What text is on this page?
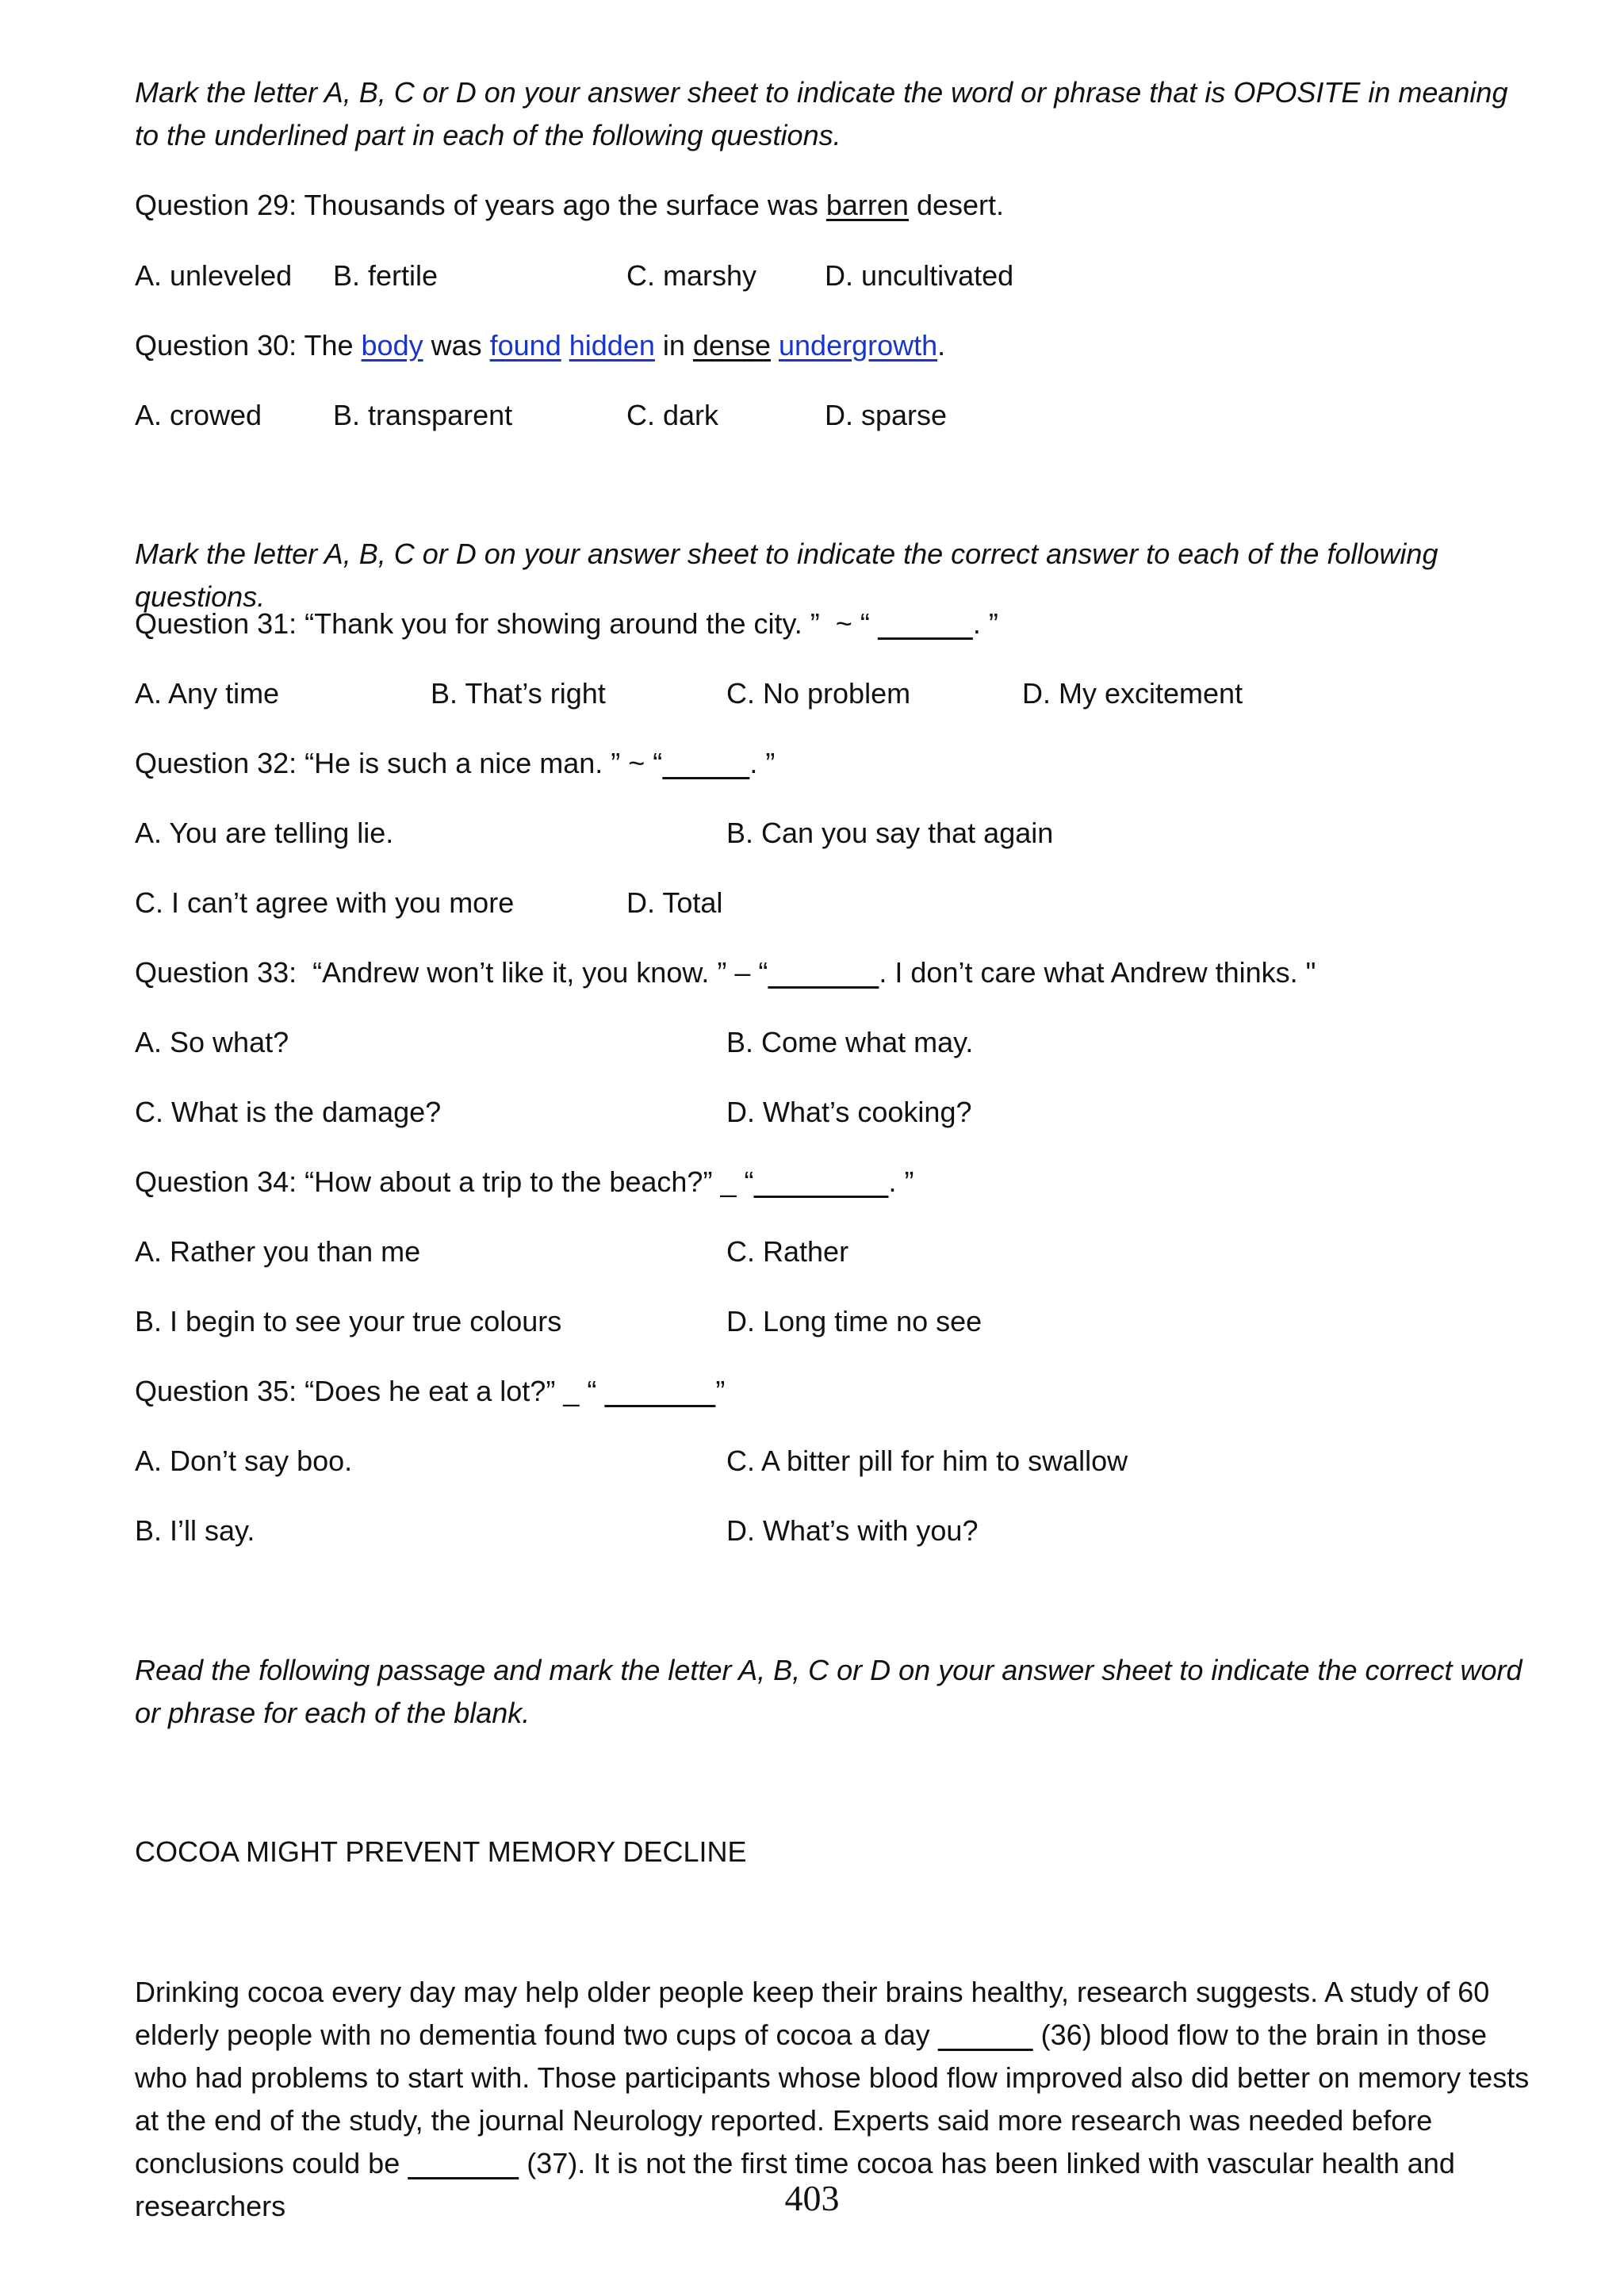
Mark the letter A, B, C or D on your answer sheet to indicate the word or phrase that is OPOSITE in meaning to the underlined part in each of the following questions.
Question 29: Thousands of years ago the surface was barren desert.
A. unleveled B. fertile	C. marshy D. uncultivated
Question 30: The body was found hidden in dense undergrowth.
A. crowed B. transparent	C. dark	D. sparse
Mark the letter A, B, C or D on your answer sheet to indicate the correct answer to each of the following questions.
Question 31: “Thank you for showing around the city. ”  ~ “	. ”
A. Any time	B. That’s right	C. No problem	D. My excitement
Question 32: “He is such a nice man. ” ~ “	. ”
A. You are telling lie.	B. Can you say that again
C. I can’t agree with you more	D. Total
Question 33:  “Andrew won’t like it, you know. ” – “	. I don’t care what Andrew thinks. "
A. So what?	B. Come what may.
C. What is the damage?	D. What’s cooking?
Question 34: “How about a trip to the beach?” _ “	. ”
A. Rather you than me	C. Rather
B. I begin to see your true colours	D. Long time no see
Question 35: “Does he eat a lot?” _ “	”
A. Don’t say boo.	C. A bitter pill for him to swallow
B. I’ll say.	D. What’s with you?
Read the following passage and mark the letter A, B, C or D on your answer sheet to indicate the correct word or phrase for each of the blank.
COCOA MIGHT PREVENT MEMORY DECLINE
Drinking cocoa every day may help older people keep their brains healthy, research suggests. A study of 60 elderly people with no dementia found two cups of cocoa a day	(36) blood flow to the brain in those who had problems to start with. Those participants whose blood flow improved also did better on memory tests at the end of the study, the journal Neurology reported. Experts said more research was needed before conclusions could be	(37). It is not the first time cocoa has been linked with vascular health and researchers	403
